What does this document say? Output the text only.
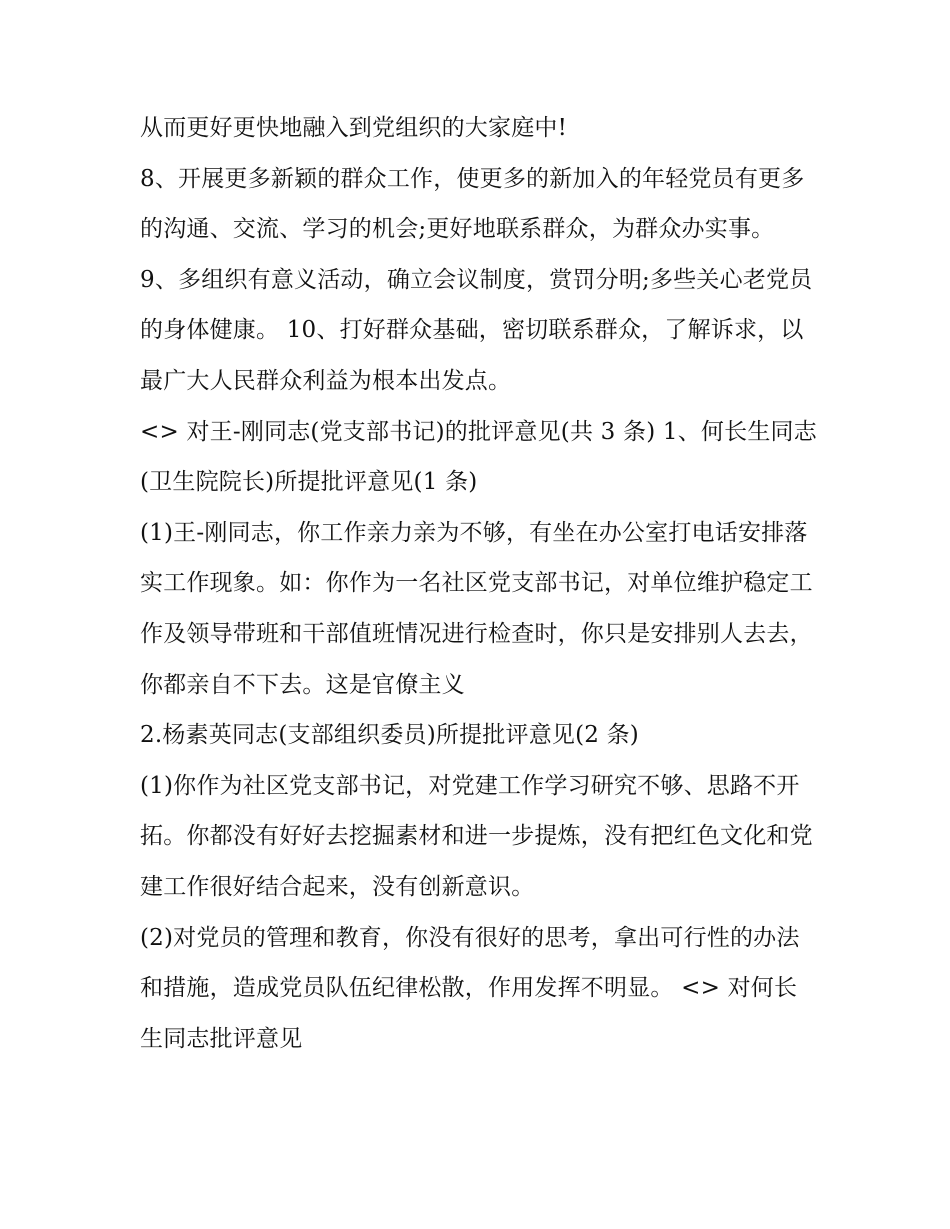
从而更好更快地融入到党组织的大家庭中!

8、开展更多新颖的群众工作，使更多的新加入的年轻党员有更多的沟通、交流、学习的机会;更好地联系群众，为群众办实事。

9、多组织有意义活动，确立会议制度，赏罚分明;多些关心老党员的身体健康。 10、打好群众基础，密切联系群众，了解诉求，以最广大人民群众利益为根本出发点。

<> 对王-刚同志(党支部书记)的批评意见(共 3 条) 1、何长生同志(卫生院院长)所提批评意见(1 条)

(1)王-刚同志，你工作亲力亲为不够，有坐在办公室打电话安排落实工作现象。如：你作为一名社区党支部书记，对单位维护稳定工作及领导带班和干部值班情况进行检查时，你只是安排别人去去，你都亲自不下去。这是官僚主义

2.杨素英同志(支部组织委员)所提批评意见(2 条)

(1)你作为社区党支部书记，对党建工作学习研究不够、思路不开拓。你都没有好好去挖掘素材和进一步提炼，没有把红色文化和党建工作很好结合起来，没有创新意识。

(2)对党员的管理和教育，你没有很好的思考，拿出可行性的办法和措施，造成党员队伍纪律松散，作用发挥不明显。 <> 对何长生同志批评意见
